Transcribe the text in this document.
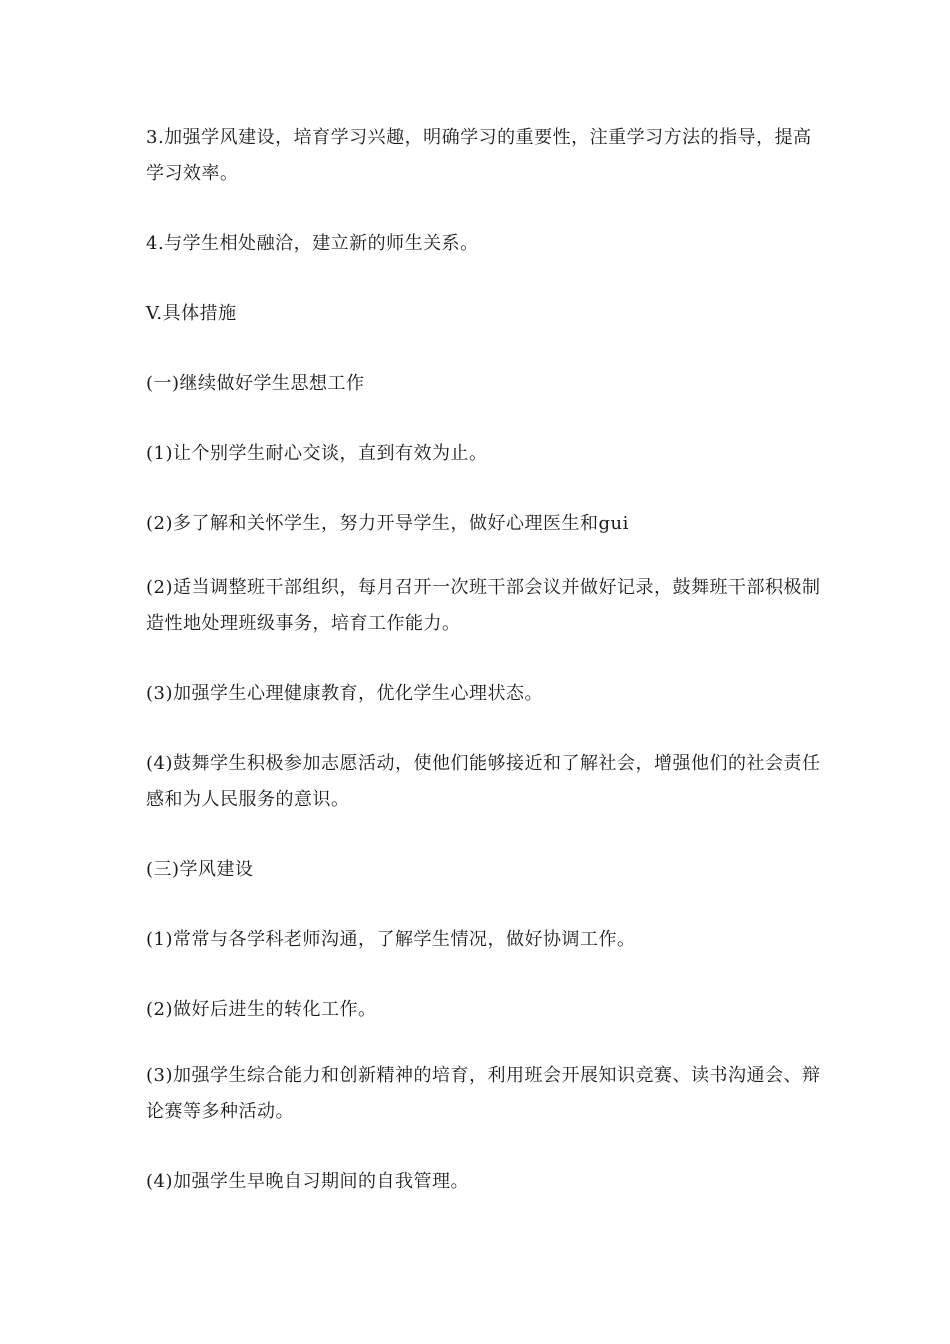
3.加强学风建设，培育学习兴趣，明确学习的重要性，注重学习方法的指导，提高学习效率。

4.与学生相处融洽，建立新的师生关系。

V.具体措施

(一)继续做好学生思想工作

(1)让个别学生耐心交谈，直到有效为止。

(2)多了解和关怀学生，努力开导学生，做好心理医生和gui

(2)适当调整班干部组织，每月召开一次班干部会议并做好记录，鼓舞班干部积极制造性地处理班级事务，培育工作能力。

(3)加强学生心理健康教育，优化学生心理状态。

(4)鼓舞学生积极参加志愿活动，使他们能够接近和了解社会，增强他们的社会责任感和为人民服务的意识。

(三)学风建设

(1)常常与各学科老师沟通，了解学生情况，做好协调工作。

(2)做好后进生的转化工作。

(3)加强学生综合能力和创新精神的培育，利用班会开展知识竞赛、读书沟通会、辩论赛等多种活动。

(4)加强学生早晚自习期间的自我管理。
